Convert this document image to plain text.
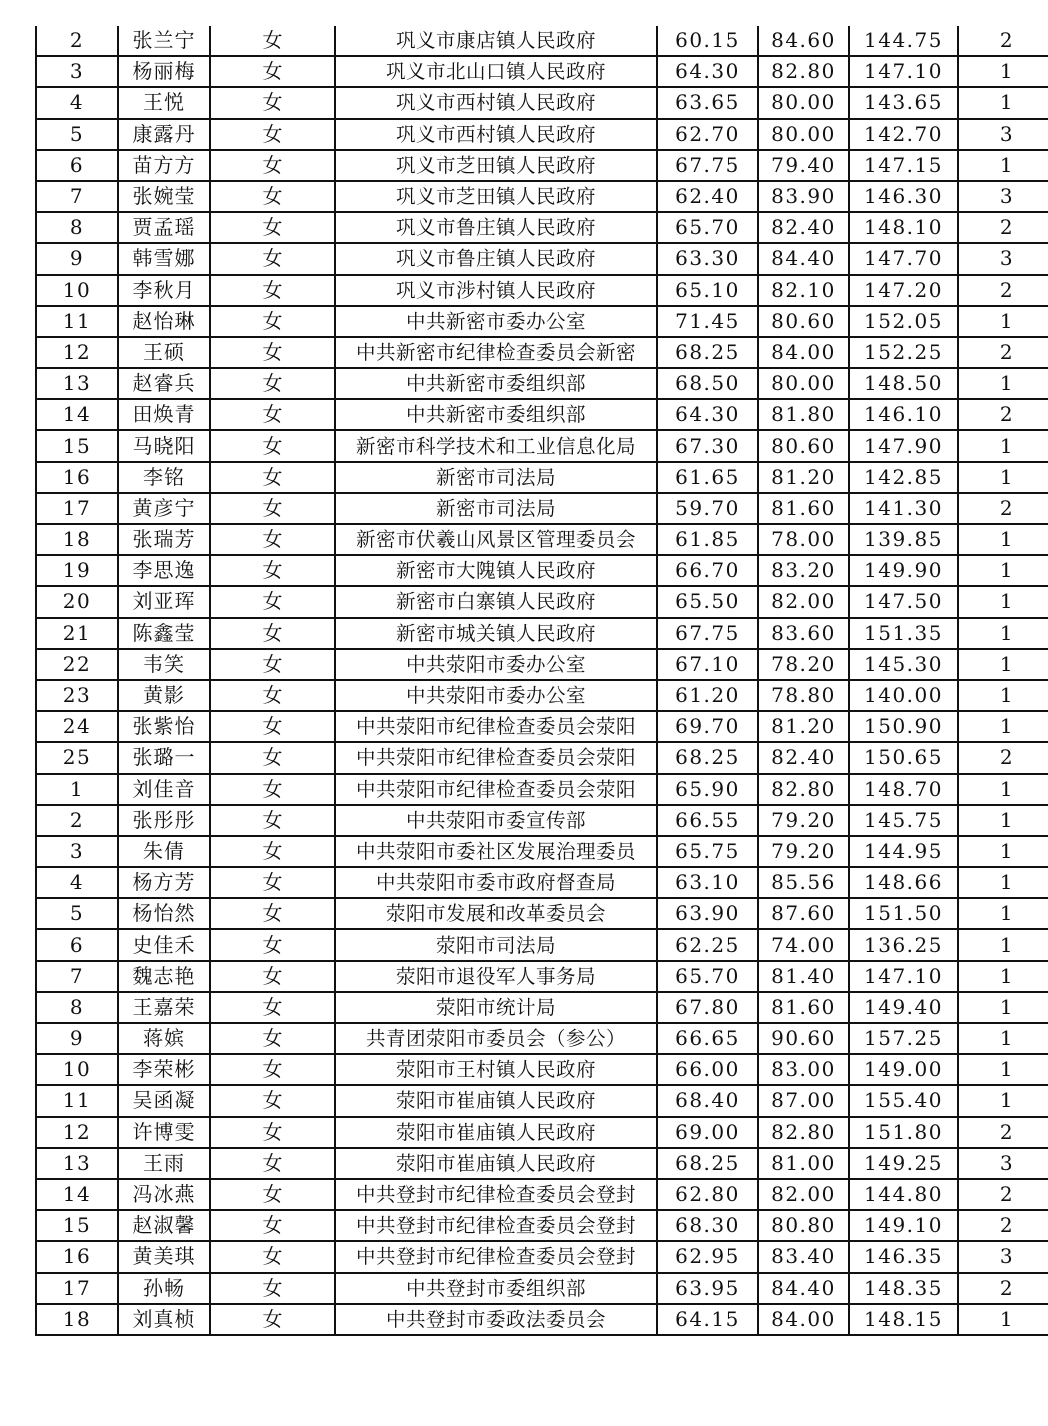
2	张兰宁	女	巩义市康店镇人民政府	60.15	84.60	144.75	2
3	杨丽梅	女	巩义市北山口镇人民政府	64.30	82.80	147.10	1
4	王悦	女	巩义市西村镇人民政府	63.65	80.00	143.65	1
5	康露丹	女	巩义市西村镇人民政府	62.70	80.00	142.70	3
6	苗方方	女	巩义市芝田镇人民政府	67.75	79.40	147.15	1
7	张婉莹	女	巩义市芝田镇人民政府	62.40	83.90	146.30	3
8	贾孟瑶	女	巩义市鲁庄镇人民政府	65.70	82.40	148.10	2
9	韩雪娜	女	巩义市鲁庄镇人民政府	63.30	84.40	147.70	3
10	李秋月	女	巩义市涉村镇人民政府	65.10	82.10	147.20	2
11	赵怡琳	女	中共新密市委办公室	71.45	80.60	152.05	1
12	王硕	女	中共新密市纪律检查委员会新密	68.25	84.00	152.25	2
13	赵睿兵	女	中共新密市委组织部	68.50	80.00	148.50	1
14	田焕青	女	中共新密市委组织部	64.30	81.80	146.10	2
15	马晓阳	女	新密市科学技术和工业信息化局	67.30	80.60	147.90	1
16	李铭	女	新密市司法局	61.65	81.20	142.85	1
17	黄彦宁	女	新密市司法局	59.70	81.60	141.30	2
18	张瑞芳	女	新密市伏羲山风景区管理委员会	61.85	78.00	139.85	1
19	李思逸	女	新密市大隗镇人民政府	66.70	83.20	149.90	1
20	刘亚珲	女	新密市白寨镇人民政府	65.50	82.00	147.50	1
21	陈鑫莹	女	新密市城关镇人民政府	67.75	83.60	151.35	1
22	韦笑	女	中共荥阳市委办公室	67.10	78.20	145.30	1
23	黄影	女	中共荥阳市委办公室	61.20	78.80	140.00	1
24	张紫怡	女	中共荥阳市纪律检查委员会荥阳	69.70	81.20	150.90	1
25	张璐一	女	中共荥阳市纪律检查委员会荥阳	68.25	82.40	150.65	2
1	刘佳音	女	中共荥阳市纪律检查委员会荥阳	65.90	82.80	148.70	1
2	张彤彤	女	中共荥阳市委宣传部	66.55	79.20	145.75	1
3	朱倩	女	中共荥阳市委社区发展治理委员	65.75	79.20	144.95	1
4	杨方芳	女	中共荥阳市委市政府督查局	63.10	85.56	148.66	1
5	杨怡然	女	荥阳市发展和改革委员会	63.90	87.60	151.50	1
6	史佳禾	女	荥阳市司法局	62.25	74.00	136.25	1
7	魏志艳	女	荥阳市退役军人事务局	65.70	81.40	147.10	1
8	王嘉荣	女	荥阳市统计局	67.80	81.60	149.40	1
9	蒋嫔	女	共青团荥阳市委员会（参公）	66.65	90.60	157.25	1
10	李荣彬	女	荥阳市王村镇人民政府	66.00	83.00	149.00	1
11	吴函凝	女	荥阳市崔庙镇人民政府	68.40	87.00	155.40	1
12	许博雯	女	荥阳市崔庙镇人民政府	69.00	82.80	151.80	2
13	王雨	女	荥阳市崔庙镇人民政府	68.25	81.00	149.25	3
14	冯冰燕	女	中共登封市纪律检查委员会登封	62.80	82.00	144.80	2
15	赵淑馨	女	中共登封市纪律检查委员会登封	68.30	80.80	149.10	2
16	黄美琪	女	中共登封市纪律检查委员会登封	62.95	83.40	146.35	3
17	孙畅	女	中共登封市委组织部	63.95	84.40	148.35	2
18	刘真桢	女	中共登封市委政法委员会	64.15	84.00	148.15	1
